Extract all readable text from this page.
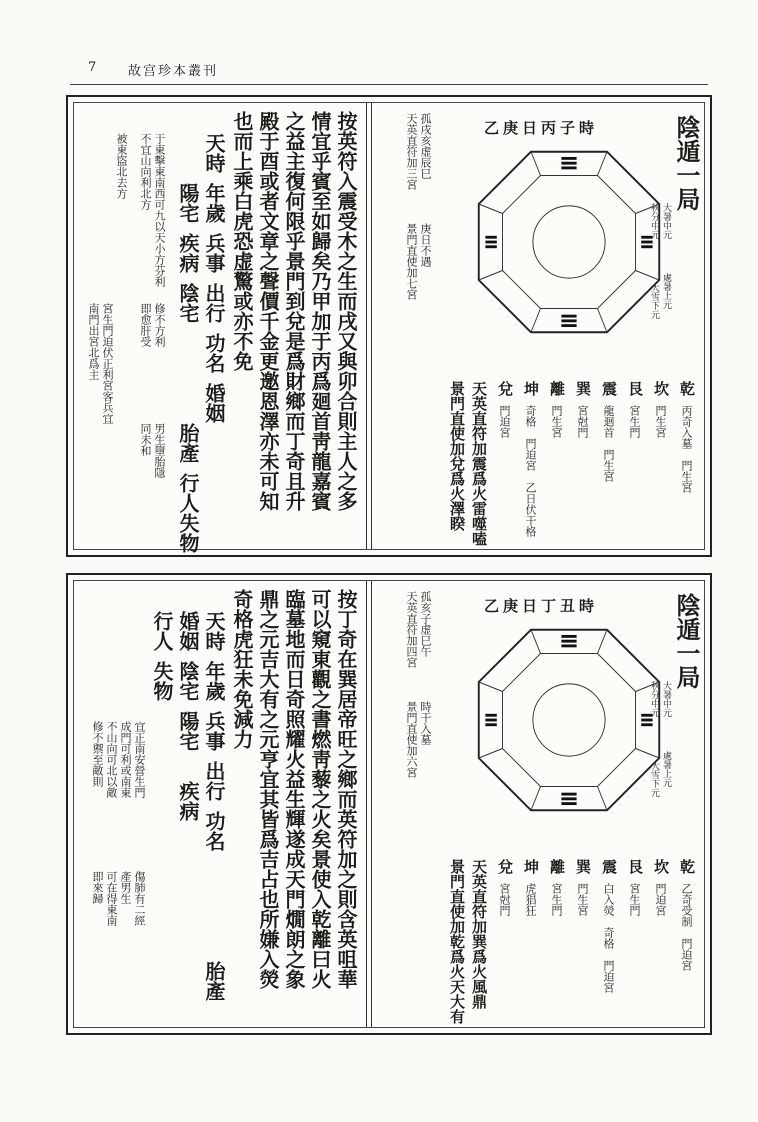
7 故宫珍本叢刊
陰遁一局
大暑中元
秋分中元
處暑上元
大雪下元
乙庚日丙子時
乾
丙奇入墓　門生宮
坎
門生宮
艮
宮生門
震
龍迴首　門生宮
巽
宮尅門
離
門生宮
坤
奇格　門迫宮　乙日伏干格
兌
門迫宮
天英直符加震爲火雷噬嗑
景門直使加兌爲火澤睽
孤戌亥虚辰巳
天英直符加三宮
庚日不遇
景門直使加七宮
按英符入震受木之生而戌又與卯合則主人之多
情宜乎賓至如歸矣乃甲加于丙爲廻首靑龍嘉賓
之益主復何限乎景門到兌是爲財鄉而丁奇且升
殿于酉或者文章之聲價千金更邀恩澤亦未可知
也而上乘白虎恐虚驚或亦不免
天時
年歲
兵事
出行
功名
婚姻
陰宅
陽宅
疾病
胎產
行人
失物
于東擊東南西可九以天小方芬利
不宜山向利北方
被東盜北去方
修不方利
即愈肝受
男生墮胎隱
同未和
宮生門迫伏正利宮客兵宜
南門出宮北爲主
陰遁一局
大暑中元
秋分中元
處暑上元
大雪下元
乙庚日丁丑時
乾
乙奇受制　門迫宮
坎
門迫宮
艮
宮生門
震
白入熒　奇格　門迫宮
巽
門生宮
離
宮生門
坤
虎猖狂
兌
宮尅門
天英直符加巽爲火風鼎
景門直使加乾爲火天大有
孤亥子虚巳午
天英直符加四宮
時干入墓
景門直使加六宮
按丁奇在巽居帝旺之鄉而英符加之則含英咀華
可以窺東觀之書燃靑藜之火矣景使入乾離曰火
臨墓地而日奇照耀火益生輝遂成天門燗朗之象
鼎之元吉大有之元亨宜其皆爲吉占也所嫌入熒
奇格虎狂未免減力
天時
年歲
兵事
出行
功名
婚姻
陰宅
陽宅
疾病
胎產
行人
失物
宜正南安營生門
成門可利或南東
不山向可北以敵
修不禦至敵則
傷肺有二經
產男生
可在得東南
即來歸
